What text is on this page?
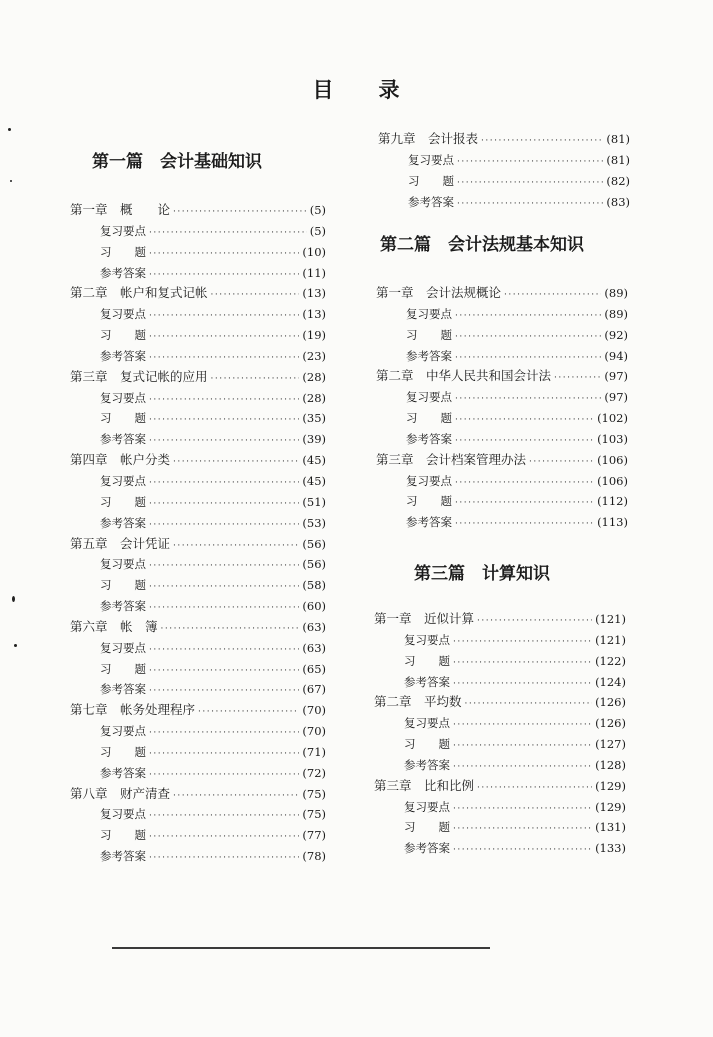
目　　录
第一篇　会计基础知识
第一章　概　　论 ·····	(5)
复习要点 ·····	(5)
习　　题 ·····	(10)
参考答案 ·····	(11)
第二章　帐户和复式记帐 ·····	(13)
复习要点 ·····	(13)
习　　题 ·····	(19)
参考答案 ·····	(23)
第三章　复式记帐的应用 ·····	(28)
复习要点 ·····	(28)
习　　题 ·····	(35)
参考答案 ·····	(39)
第四章　帐户分类 ·····	(45)
复习要点 ·····	(45)
习　　题 ·····	(51)
参考答案 ·····	(53)
第五章　会计凭证 ·····	(56)
复习要点 ·····	(56)
习　　题 ·····	(58)
参考答案 ·····	(60)
第六章　帐　簿 ·····	(63)
复习要点 ·····	(63)
习　　题 ·····	(65)
参考答案 ·····	(67)
第七章　帐务处理程序 ·····	(70)
复习要点 ·····	(70)
习　　题 ·····	(71)
参考答案 ·····	(72)
第八章　财产清查 ·····	(75)
复习要点 ·····	(75)
习　　题 ·····	(77)
参考答案 ·····	(78)
第九章　会计报表 ·····	(81)
复习要点 ·····	(81)
习　　题 ·····	(82)
参考答案 ·····	(83)
第二篇　会计法规基本知识
第一章　会计法规概论 ·····	(89)
复习要点 ·····	(89)
习　　题 ·····	(92)
参考答案 ·····	(94)
第二章　中华人民共和国会计法 ·····	(97)
复习要点 ·····	(97)
习　　题 ·····	(102)
参考答案 ·····	(103)
第三章　会计档案管理办法 ·····	(106)
复习要点 ·····	(106)
习　　题 ·····	(112)
参考答案 ·····	(113)
第三篇　计算知识
第一章　近似计算 ·····	(121)
复习要点 ·····	(121)
习　　题 ·····	(122)
参考答案 ·····	(124)
第二章　平均数 ·····	(126)
复习要点 ·····	(126)
习　　题 ·····	(127)
参考答案 ·····	(128)
第三章　比和比例 ·····	(129)
复习要点 ·····	(129)
习　　题 ·····	(131)
参考答案 ·····	(133)
